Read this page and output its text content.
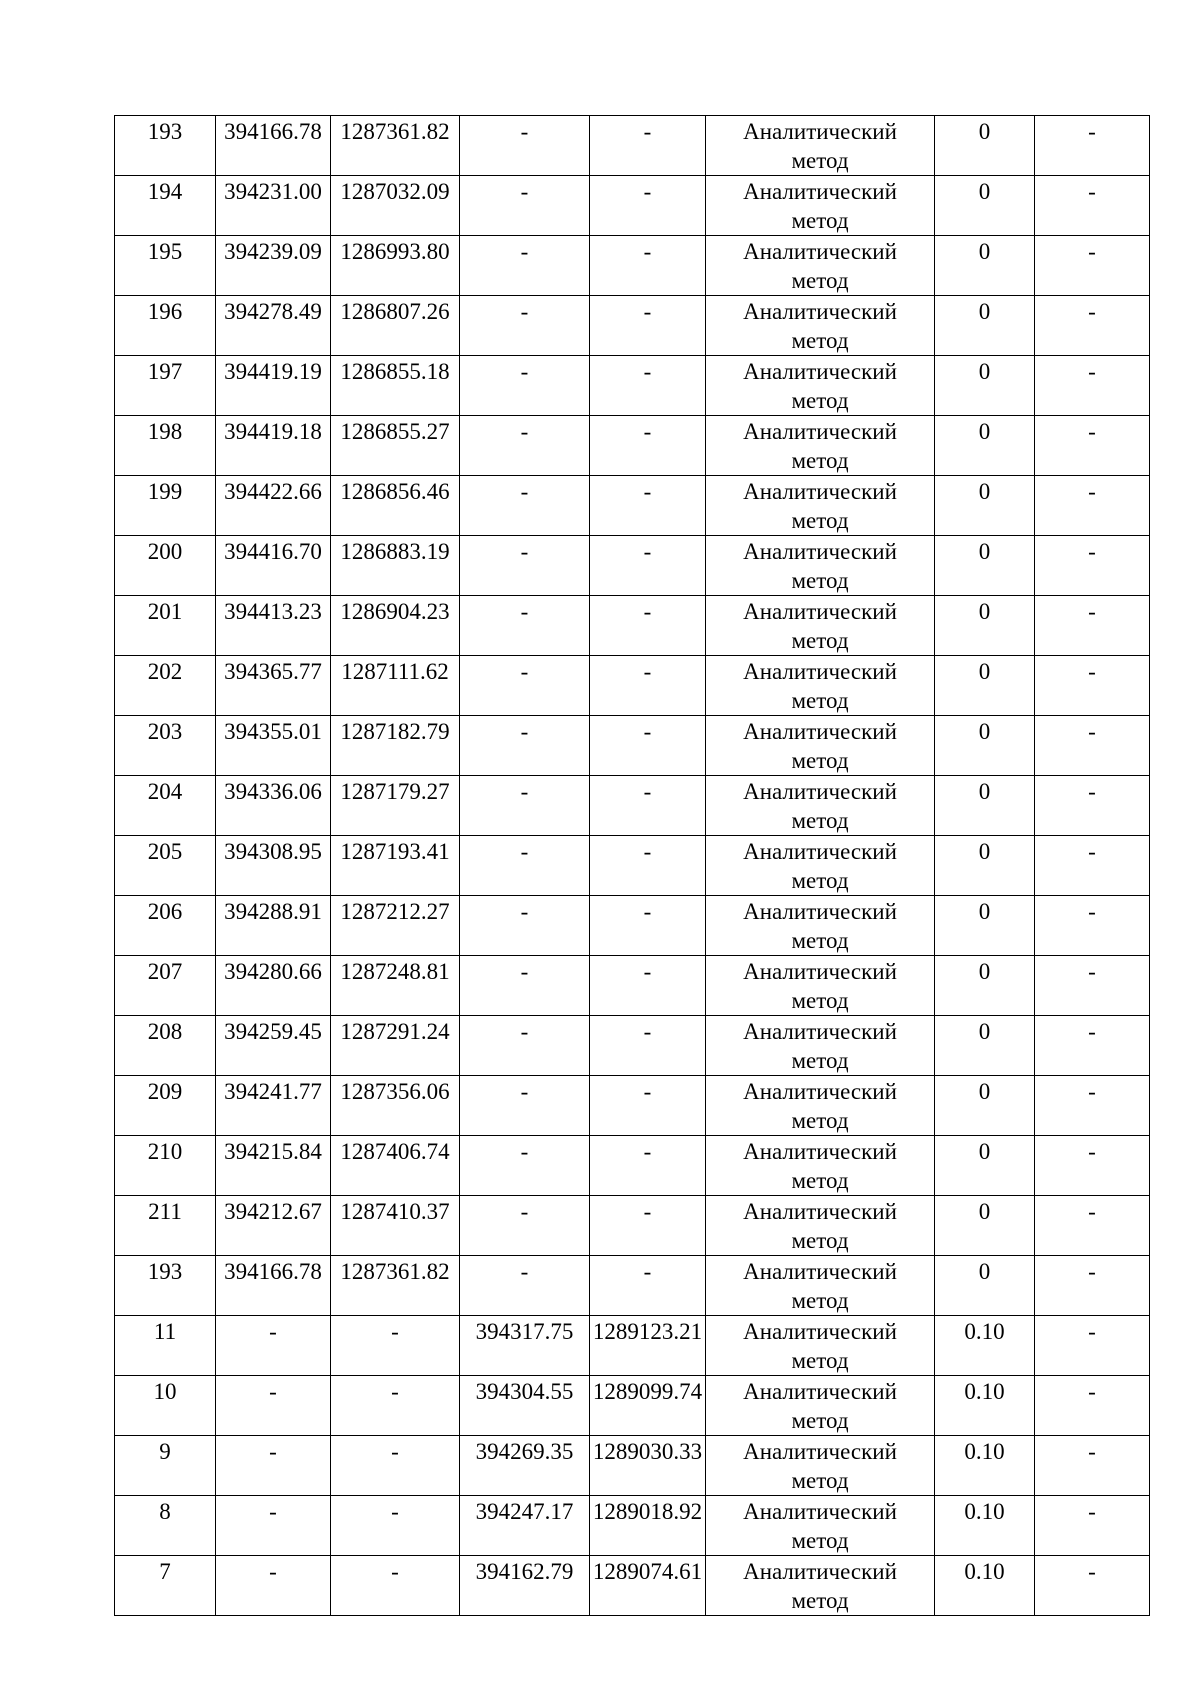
193	394166.78	1287361.82	-	-	Аналитический метод	0	-
194	394231.00	1287032.09	-	-	Аналитический метод	0	-
195	394239.09	1286993.80	-	-	Аналитический метод	0	-
196	394278.49	1286807.26	-	-	Аналитический метод	0	-
197	394419.19	1286855.18	-	-	Аналитический метод	0	-
198	394419.18	1286855.27	-	-	Аналитический метод	0	-
199	394422.66	1286856.46	-	-	Аналитический метод	0	-
200	394416.70	1286883.19	-	-	Аналитический метод	0	-
201	394413.23	1286904.23	-	-	Аналитический метод	0	-
202	394365.77	1287111.62	-	-	Аналитический метод	0	-
203	394355.01	1287182.79	-	-	Аналитический метод	0	-
204	394336.06	1287179.27	-	-	Аналитический метод	0	-
205	394308.95	1287193.41	-	-	Аналитический метод	0	-
206	394288.91	1287212.27	-	-	Аналитический метод	0	-
207	394280.66	1287248.81	-	-	Аналитический метод	0	-
208	394259.45	1287291.24	-	-	Аналитический метод	0	-
209	394241.77	1287356.06	-	-	Аналитический метод	0	-
210	394215.84	1287406.74	-	-	Аналитический метод	0	-
211	394212.67	1287410.37	-	-	Аналитический метод	0	-
193	394166.78	1287361.82	-	-	Аналитический метод	0	-
11	-	-	394317.75	1289123.21	Аналитический метод	0.10	-
10	-	-	394304.55	1289099.74	Аналитический метод	0.10	-
9	-	-	394269.35	1289030.33	Аналитический метод	0.10	-
8	-	-	394247.17	1289018.92	Аналитический метод	0.10	-
7	-	-	394162.79	1289074.61	Аналитический метод	0.10	-
